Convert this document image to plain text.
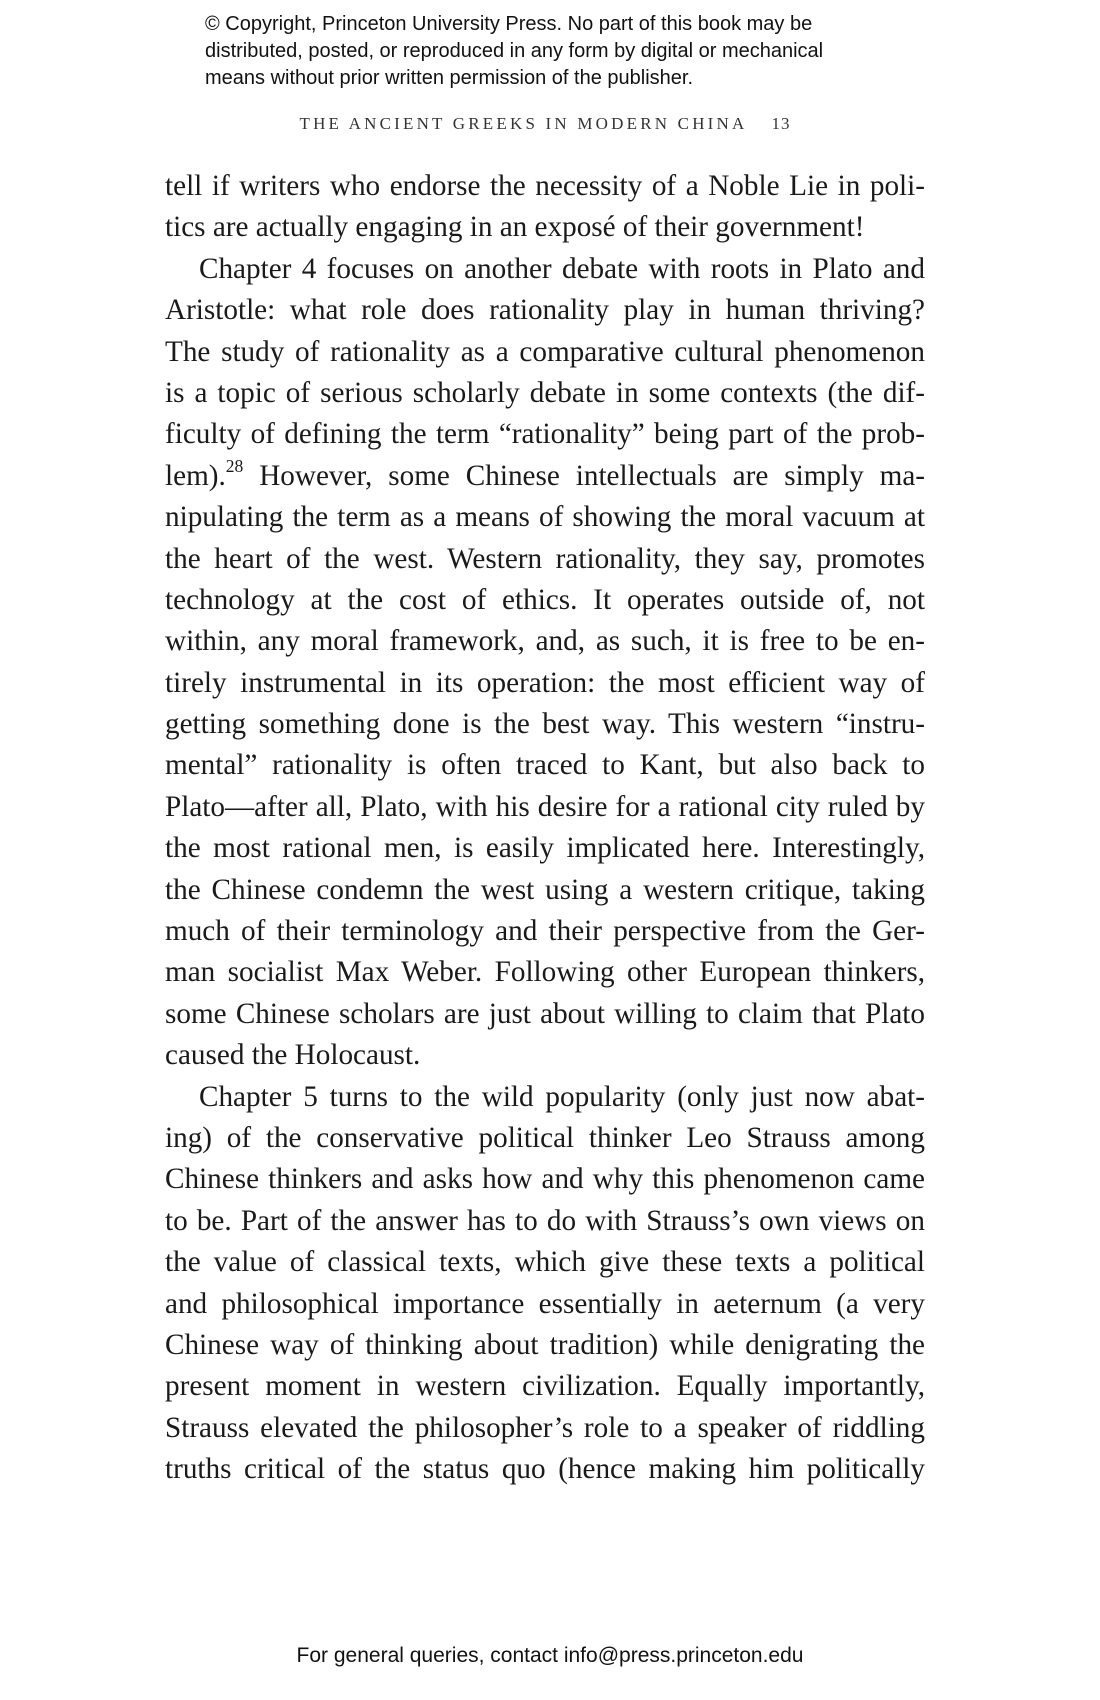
© Copyright, Princeton University Press. No part of this book may be
distributed, posted, or reproduced in any form by digital or mechanical
means without prior written permission of the publisher.
THE ANCIENT GREEKS IN MODERN CHINA 13
tell if writers who endorse the necessity of a Noble Lie in poli-
tics are actually engaging in an exposé of their government!
Chapter 4 focuses on another debate with roots in Plato and
Aristotle: what role does rationality play in human thriving?
The study of rationality as a comparative cultural phenomenon
is a topic of serious scholarly debate in some contexts (the dif-
ficulty of defining the term “rationality” being part of the prob-
lem).$^{28}$ However, some Chinese intellectuals are simply ma-
nipulating the term as a means of showing the moral vacuum at
the heart of the west. Western rationality, they say, promotes
technology at the cost of ethics. It operates outside of, not
within, any moral framework, and, as such, it is free to be en-
tirely instrumental in its operation: the most efficient way of
getting something done is the best way. This western “instru-
mental” rationality is often traced to Kant, but also back to
Plato—after all, Plato, with his desire for a rational city ruled by
the most rational men, is easily implicated here. Interestingly,
the Chinese condemn the west using a western critique, taking
much of their terminology and their perspective from the Ger-
man socialist Max Weber. Following other European thinkers,
some Chinese scholars are just about willing to claim that Plato
caused the Holocaust.
Chapter 5 turns to the wild popularity (only just now abat-
ing) of the conservative political thinker Leo Strauss among
Chinese thinkers and asks how and why this phenomenon came
to be. Part of the answer has to do with Strauss’s own views on
the value of classical texts, which give these texts a political
and philosophical importance essentially in aeternum (a very
Chinese way of thinking about tradition) while denigrating the
present moment in western civilization. Equally importantly,
Strauss elevated the philosopher’s role to a speaker of riddling
truths critical of the status quo (hence making him politically
For general queries, contact info@press.princeton.edu
